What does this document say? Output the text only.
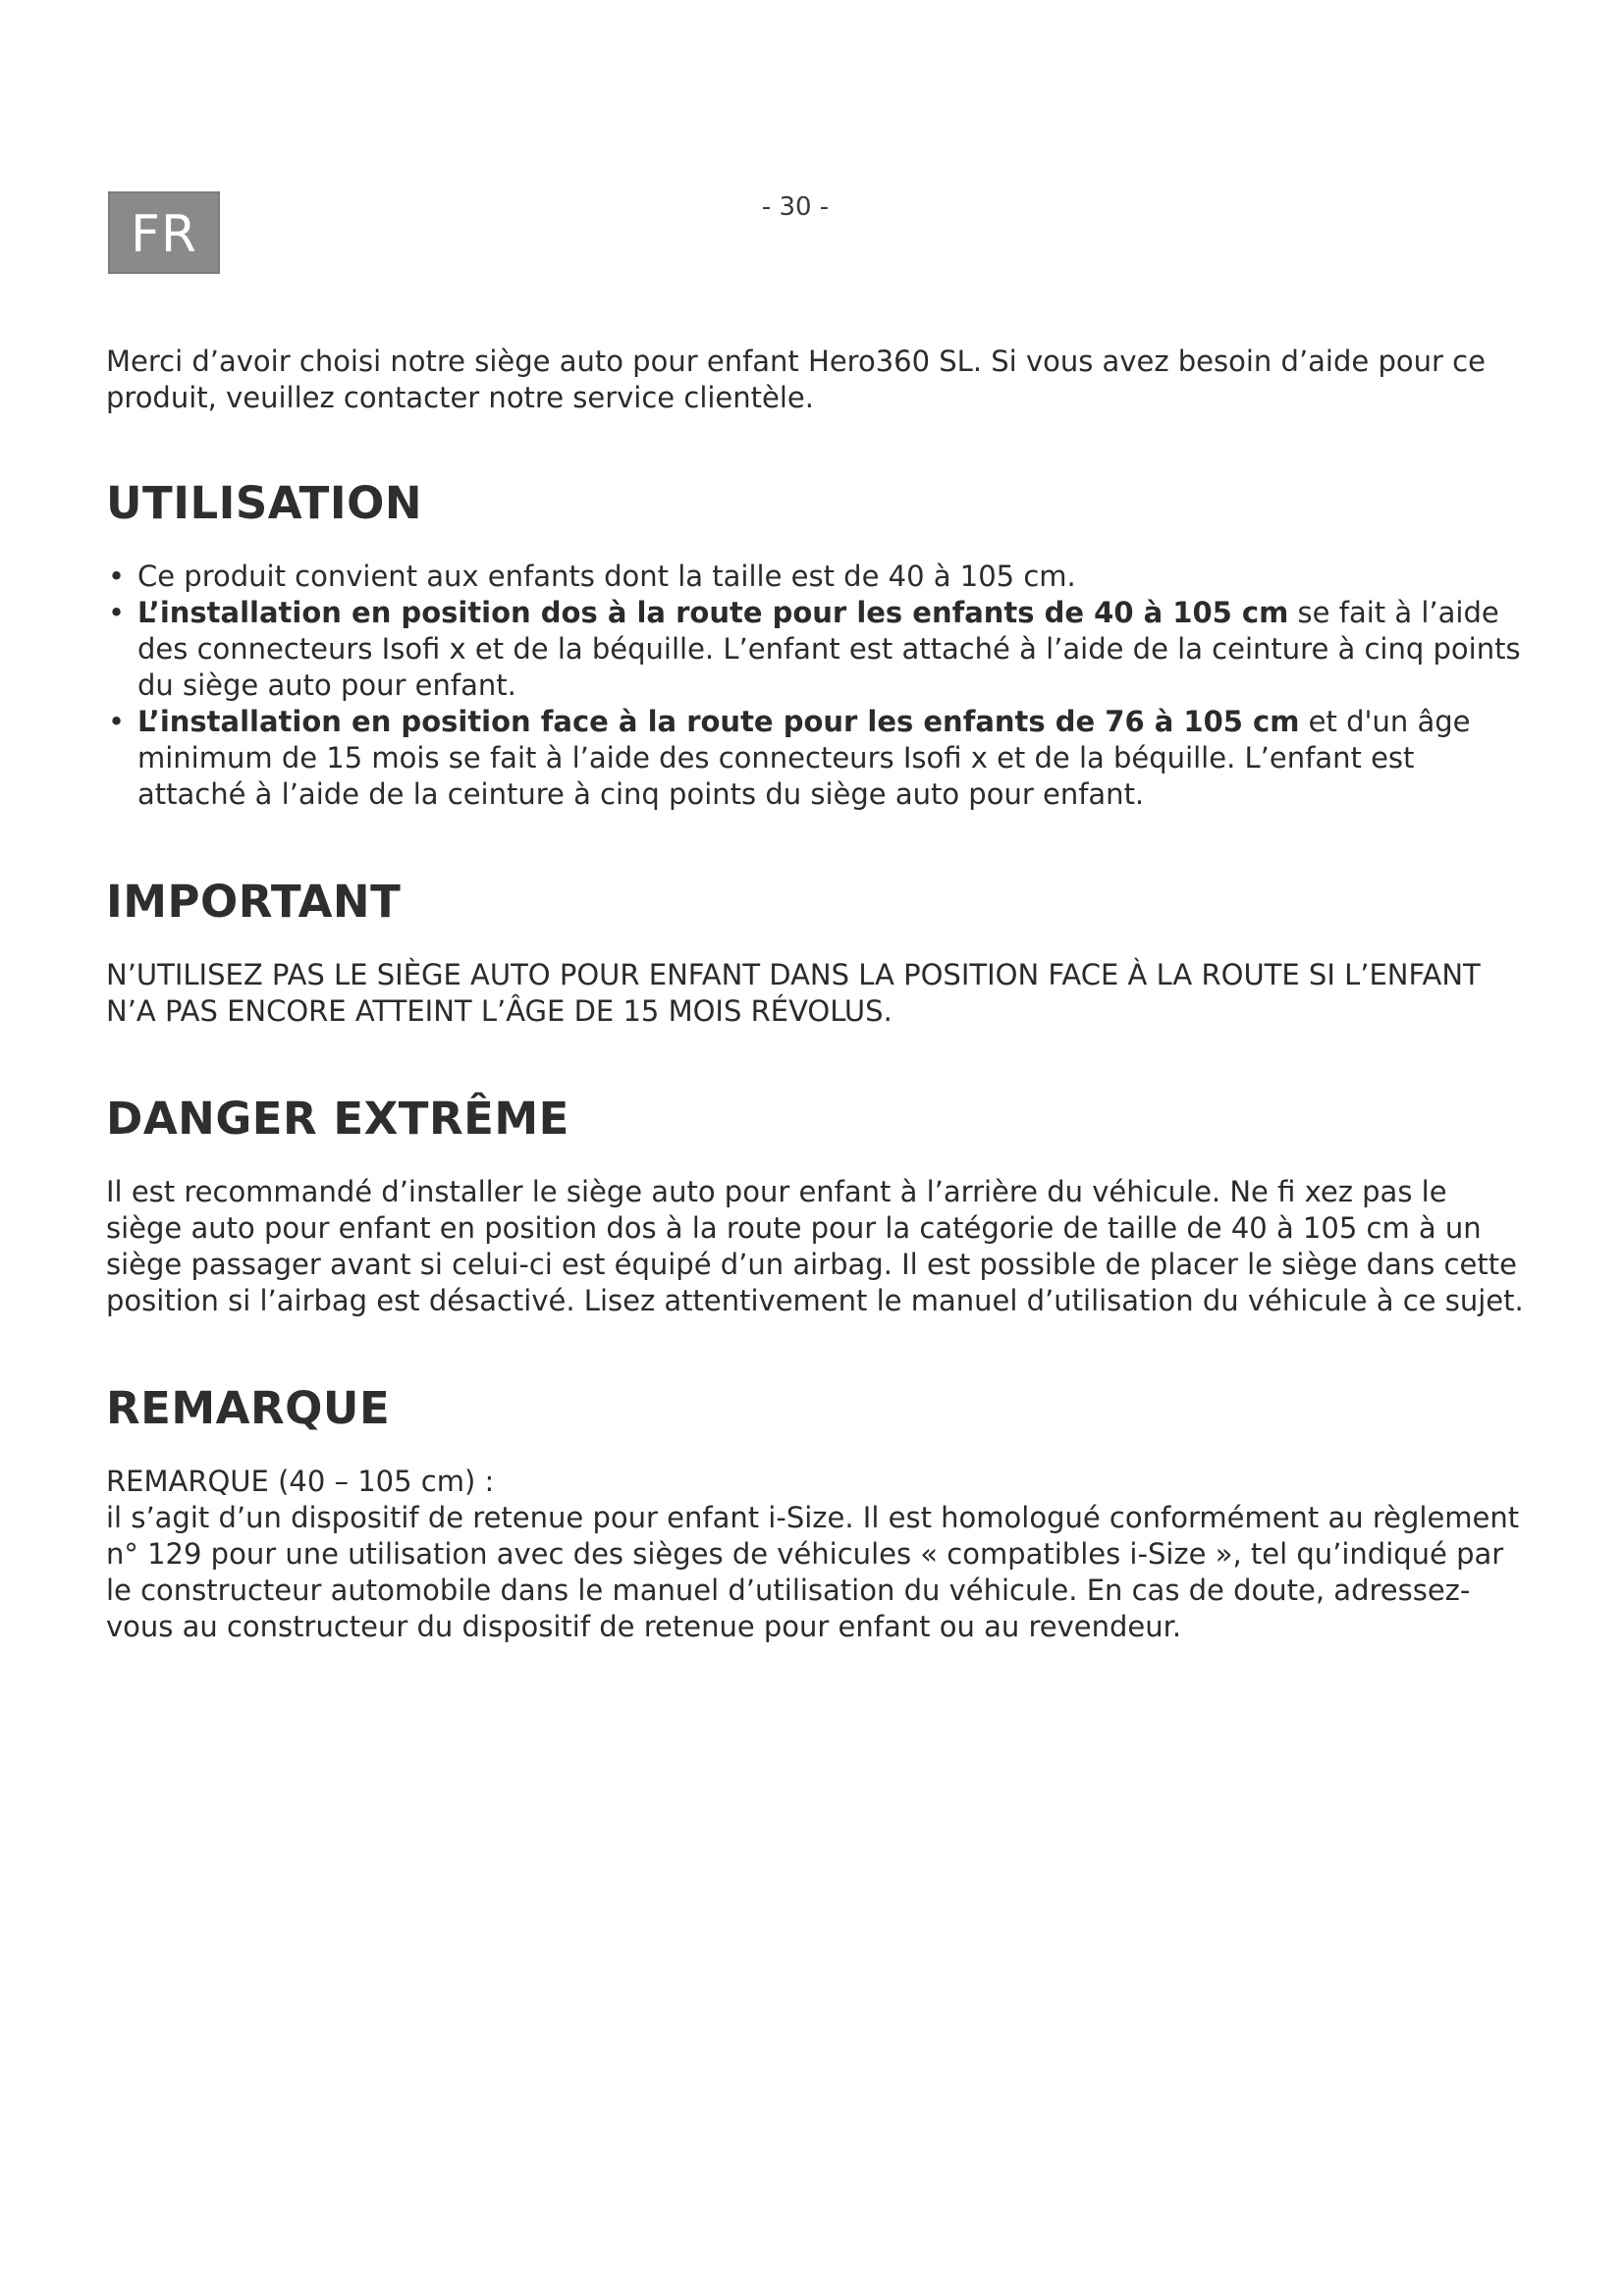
FR	- 30 -

Merci d’avoir choisi notre siège auto pour enfant Hero360 SL. Si vous avez besoin d’aide pour ce produit, veuillez contacter notre service clientèle.

UTILISATION
• Ce produit convient aux enfants dont la taille est de 40 à 105 cm.
• L’installation en position dos à la route pour les enfants de 40 à 105 cm se fait à l’aide des connecteurs Isofi x et de la béquille. L’enfant est attaché à l’aide de la ceinture à cinq points du siège auto pour enfant.
• L’installation en position face à la route pour les enfants de 76 à 105 cm et d'un âge minimum de 15 mois se fait à l’aide des connecteurs Isofi x et de la béquille. L’enfant est attaché à l’aide de la ceinture à cinq points du siège auto pour enfant.
IMPORTANT

N’UTILISEZ PAS LE SIÈGE AUTO POUR ENFANT DANS LA POSITION FACE À LA ROUTE SI L’ENFANT N’A PAS ENCORE ATTEINT L’ÂGE DE 15 MOIS RÉVOLUS.

DANGER EXTRÊME

Il est recommandé d’installer le siège auto pour enfant à l’arrière du véhicule. Ne fi xez pas le siège auto pour enfant en position dos à la route pour la catégorie de taille de 40 à 105 cm à un siège passager avant si celui-ci est équipé d’un airbag. Il est possible de placer le siège dans cette position si l’airbag est désactivé. Lisez attentivement le manuel d’utilisation du véhicule à ce sujet.

REMARQUE

REMARQUE (40 – 105 cm) :
il s’agit d’un dispositif de retenue pour enfant i-Size. Il est homologué conformément au règlement n° 129 pour une utilisation avec des sièges de véhicules « compatibles i-Size », tel qu’indiqué par le constructeur automobile dans le manuel d’utilisation du véhicule. En cas de doute, adressez-vous au constructeur du dispositif de retenue pour enfant ou au revendeur.
